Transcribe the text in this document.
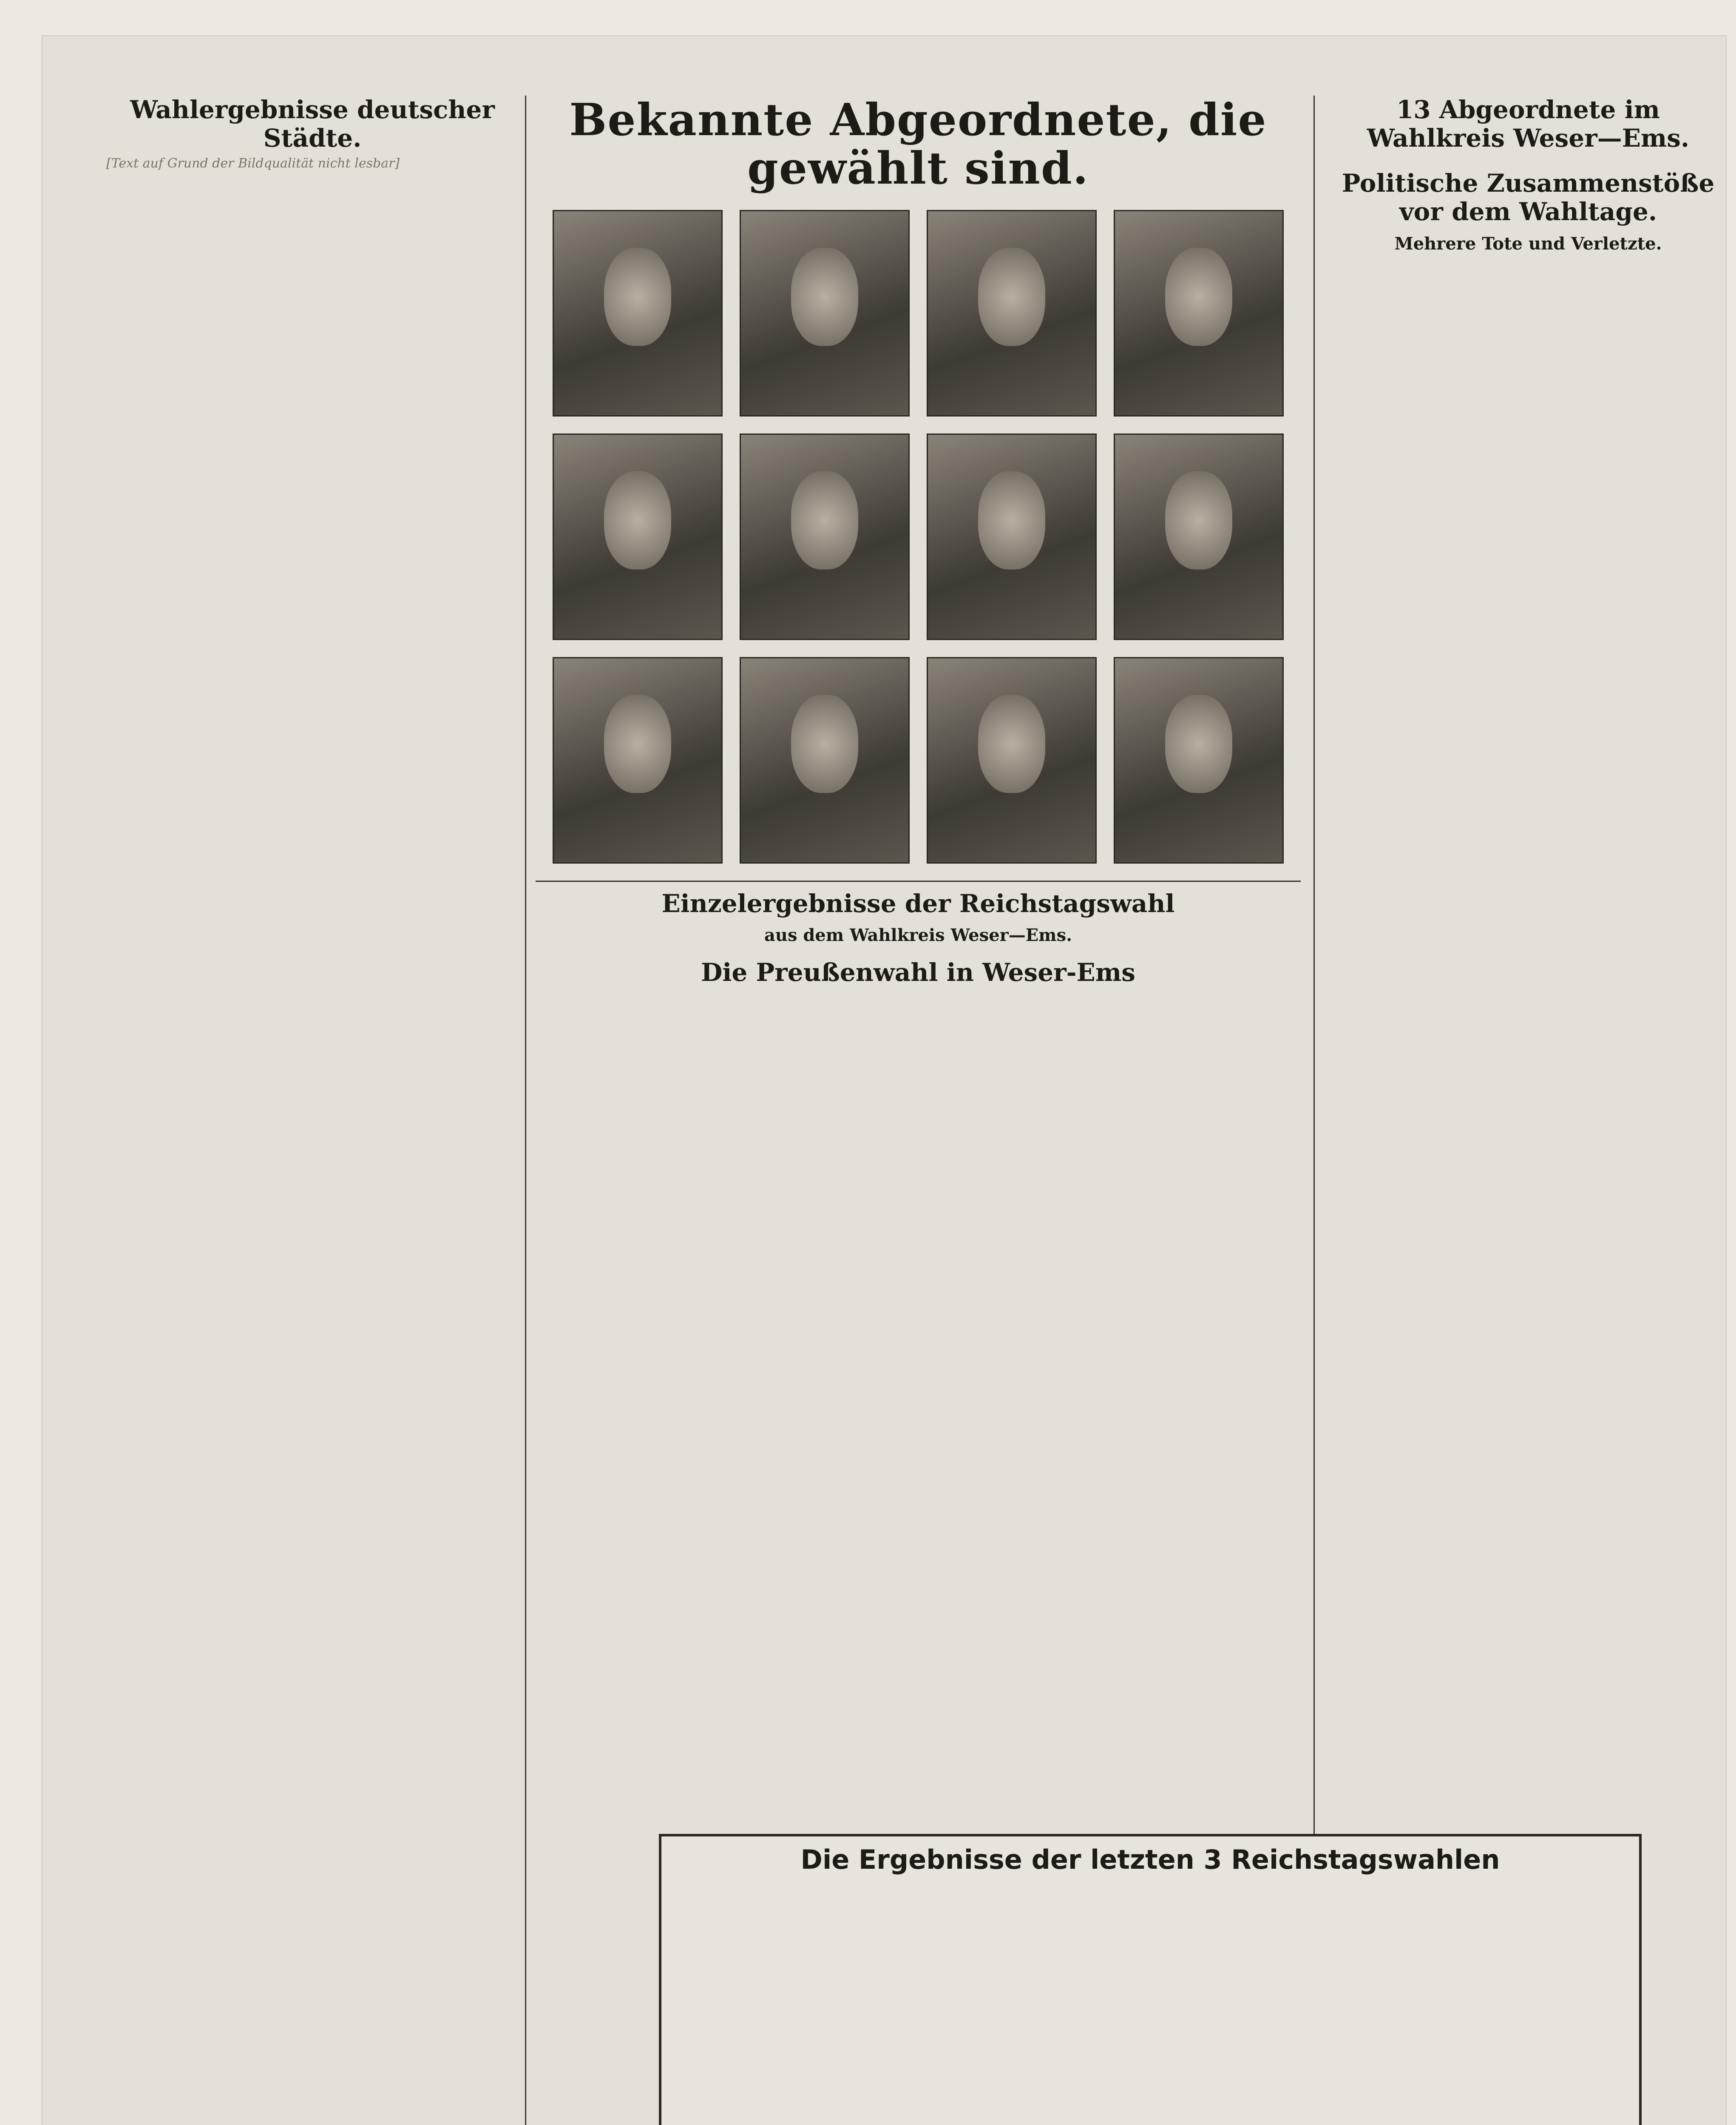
Wahlergebnisse deutscher Städte.

[Text auf Grund der Bildqualität nicht lesbar]

Bekannte Abgeordnete, die gewählt sind.
Einzelergebnisse der Reichstagswahl
aus dem Wahlkreis Weser—Ems.
Die Preußenwahl in Weser-Ems
13 Abgeordnete im Wahlkreis Weser—Ems.
Politische Zusammenstöße vor dem Wahltage.
Mehrere Tote und Verletzte.
Die Ergebnisse der letzten 3 Reichstagswahlen
